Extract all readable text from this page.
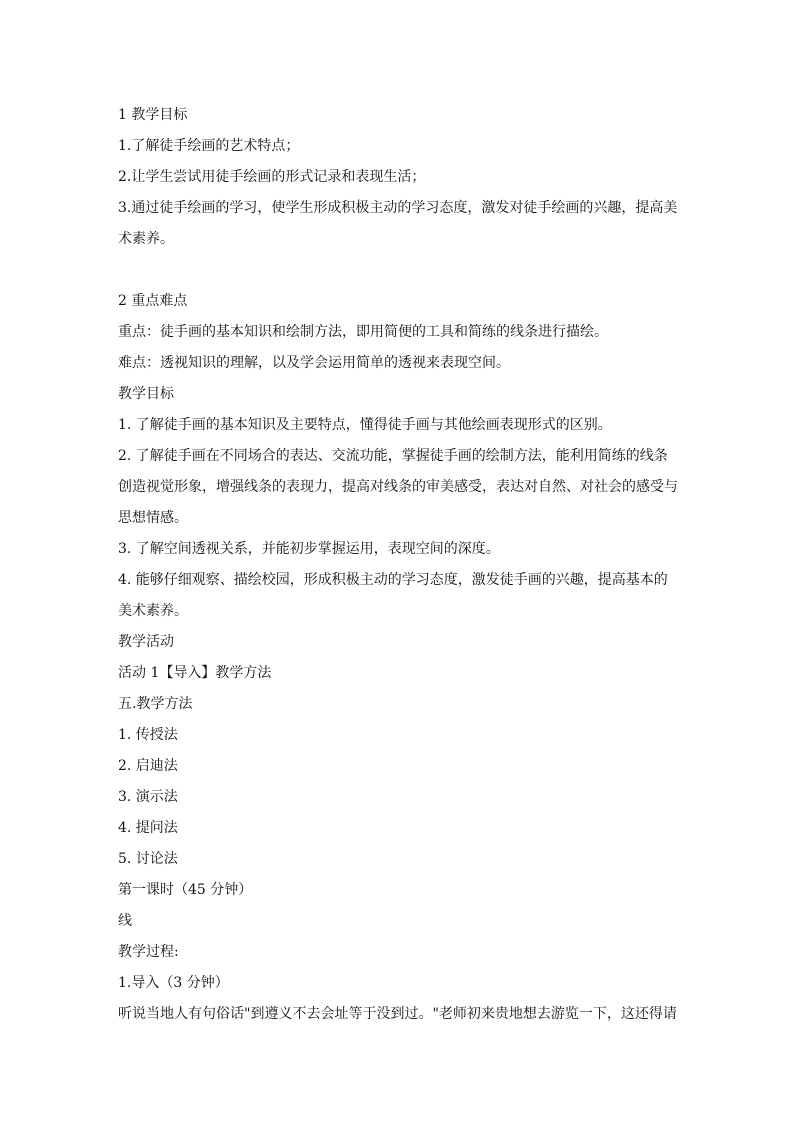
1 教学目标
1.了解徒手绘画的艺术特点；
2.让学生尝试用徒手绘画的形式记录和表现生活；
3.通过徒手绘画的学习，使学生形成积极主动的学习态度，激发对徒手绘画的兴趣，提高美
术素养。
2 重点难点
重点：徒手画的基本知识和绘制方法，即用简便的工具和简练的线条进行描绘。
难点：透视知识的理解，以及学会运用简单的透视来表现空间。
教学目标
1. 了解徒手画的基本知识及主要特点，懂得徒手画与其他绘画表现形式的区别。
2. 了解徒手画在不同场合的表达、交流功能，掌握徒手画的绘制方法，能利用简练的线条
创造视觉形象，增强线条的表现力，提高对线条的审美感受，表达对自然、对社会的感受与
思想情感。
3. 了解空间透视关系，并能初步掌握运用，表现空间的深度。
4. 能够仔细观察、描绘校园，形成积极主动的学习态度，激发徒手画的兴趣，提高基本的
美术素养。
教学活动
活动 1【导入】教学方法
五.教学方法
1. 传授法
2. 启迪法
3. 演示法
4. 提问法
5. 讨论法
第一课时（45 分钟）
线
教学过程:
1.导入（3 分钟）
听说当地人有句俗话"到遵义不去会址等于没到过。"老师初来贵地想去游览一下，这还得请
